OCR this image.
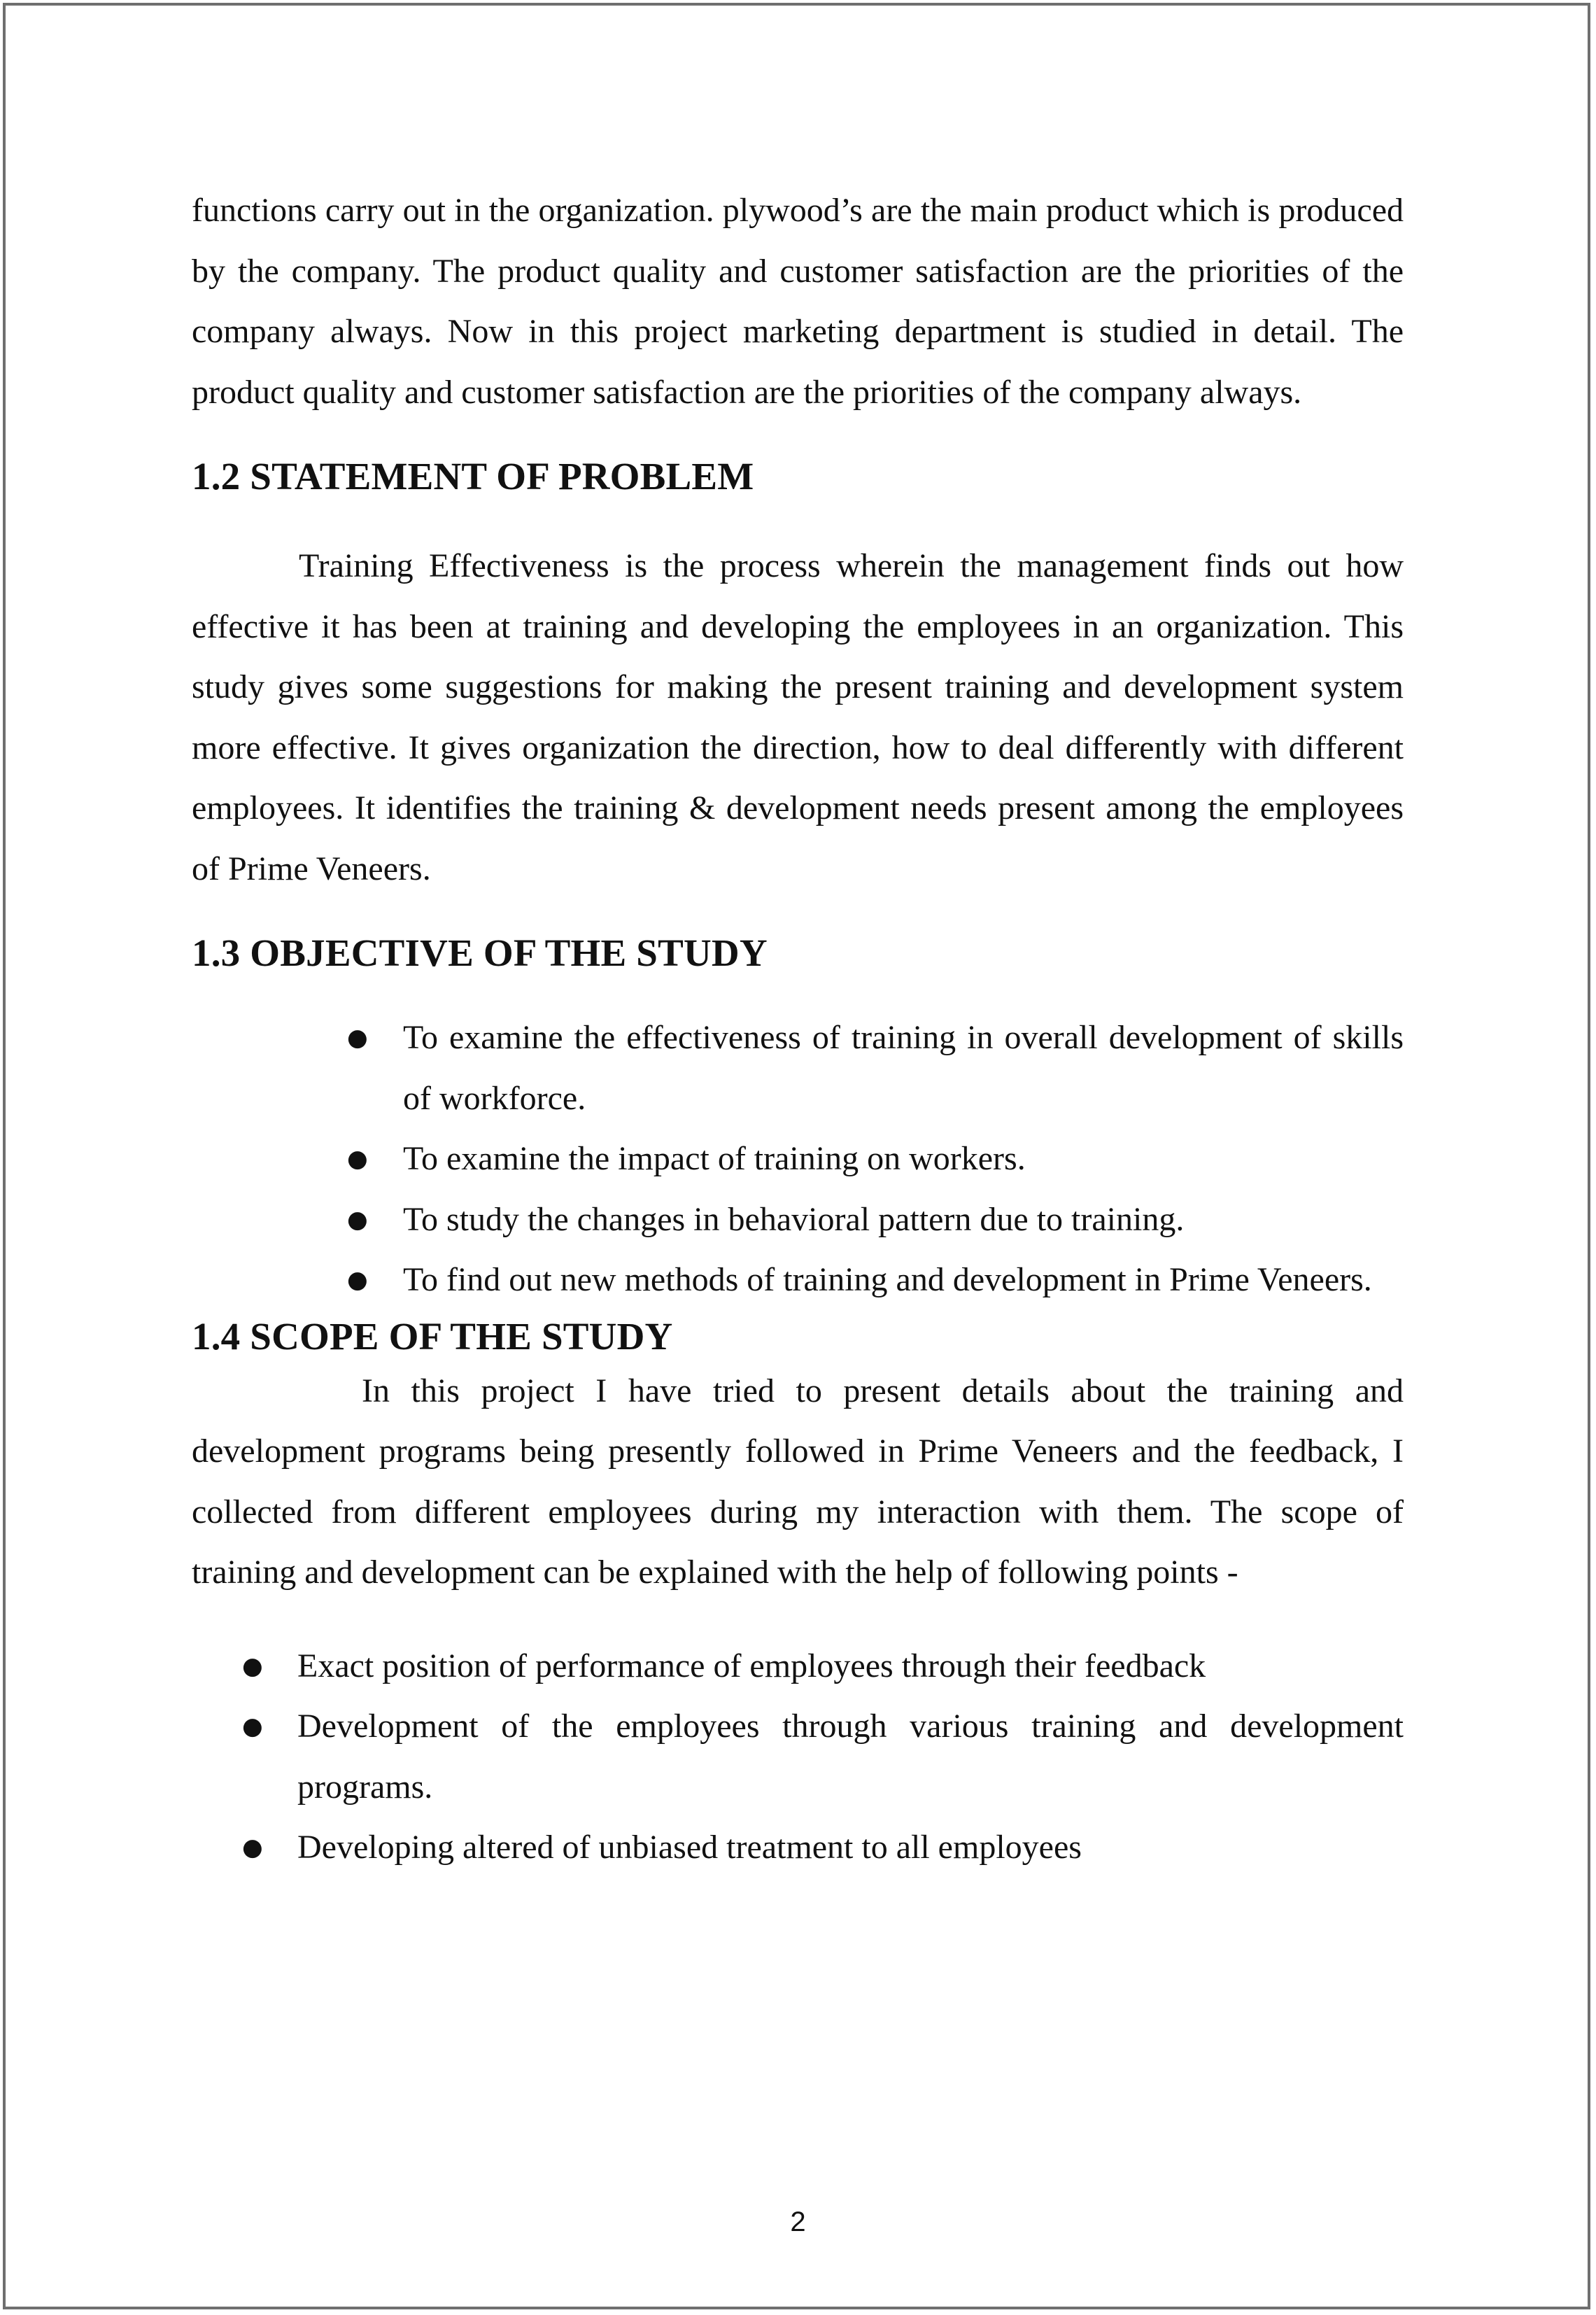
functions carry out in the organization. plywood’s are the main product which is produced by the company. The product quality and customer satisfaction are the priorities of the company always. Now in this project marketing department is studied in detail. The product quality and customer satisfaction are the priorities of the company always.

1.2 STATEMENT OF PROBLEM

Training Effectiveness is the process wherein the management finds out how effective it has been at training and developing the employees in an organization. This study gives some suggestions for making the present training and development system more effective. It gives organization the direction, how to deal differently with different employees. It identifies the training & development needs present among the employees of Prime Veneers.

1.3 OBJECTIVE OF THE STUDY
● To examine the effectiveness of training in overall development of skills of workforce.
● To examine the impact of training on workers.
● To study the changes in behavioral pattern due to training.
● To find out new methods of training and development in Prime Veneers.
1.4 SCOPE OF THE STUDY

In this project I have tried to present details about the training and development programs being presently followed in Prime Veneers and the feedback, I collected from different employees during my interaction with them. The scope of training and development can be explained with the help of following points -

● Exact position of performance of employees through their feedback
● Development of the employees through various training and development programs.
● Developing altered of unbiased treatment to all employees
2
